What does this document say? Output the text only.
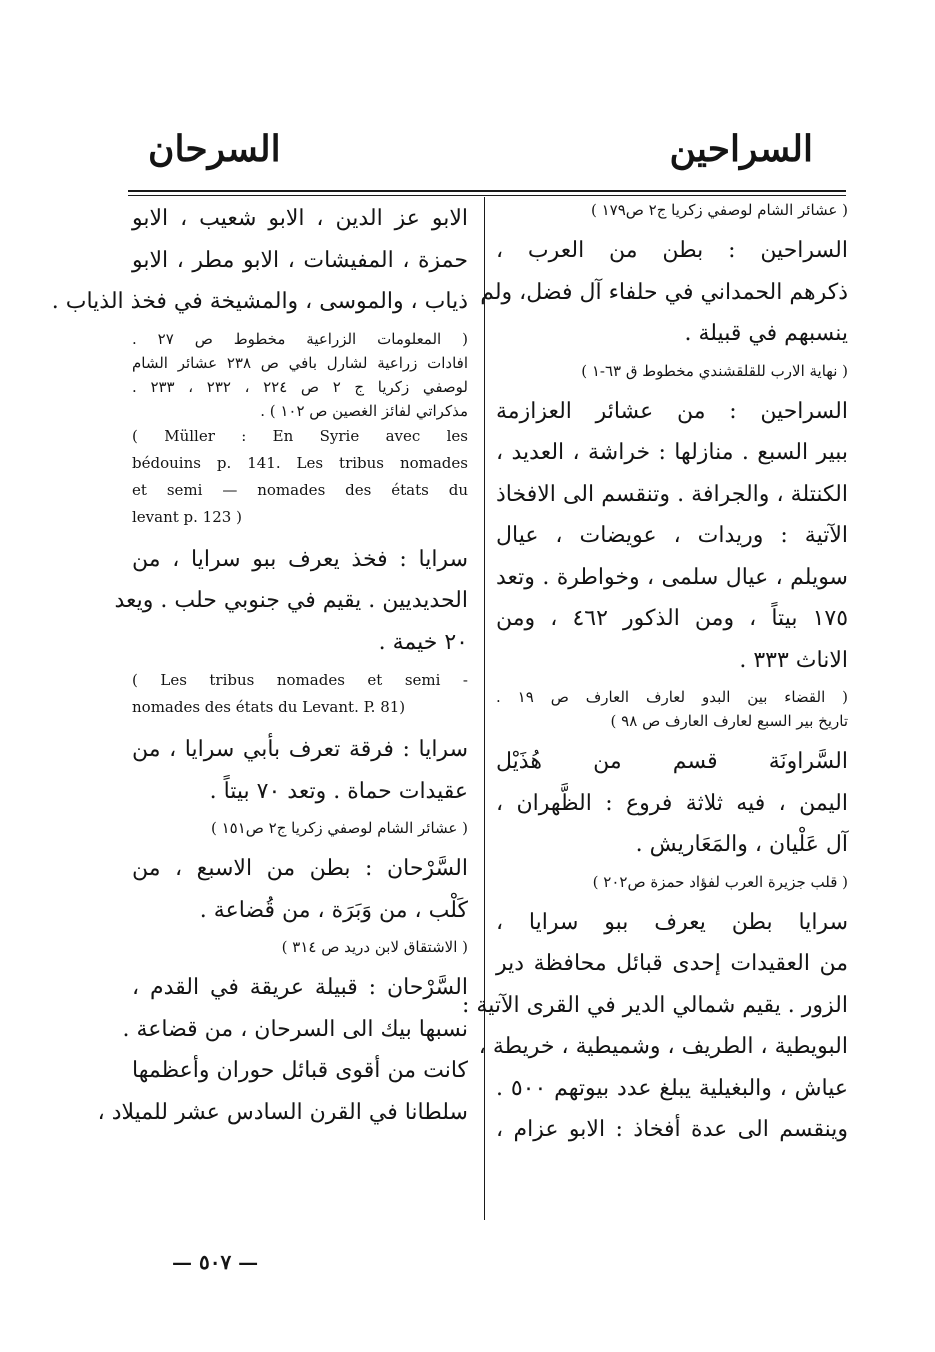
السراحين
السرحان
( عشائر الشام لوصفي زكريا ج٢ ص١٧٩ )
السراحين : بطن من العرب ،
ذكرهم الحمداني في حلفاء آل فضل، ولم
ينسبهم في قبيلة .
( نهاية الارب للقلقشندي مخطوط ق ٦٣-١ )
السراحين : من عشائر العزازمة
ببير السبع . منازلها : خراشة ، العديد ،
الكنتلة ، والجرافة . وتنقسم الى الافخاذ
الآتية : وريدات ، عويضات ، عيال
سويلم ، عيال سلمى ، وخواطرة . وتعد
١٧٥ بيتاً ، ومن الذكور ٤٦٢ ، ومن
الاناث ٣٣٣ .
( القضاء بين البدو لعارف العارف ص ١٩ .
تاريخ بير السبع لعارف العارف ص ٩٨ )
السَّراونَة قسم من هُذَيْل
اليمن ، فيه ثلاثة فروع : الظَّهران ،
آل عَلْيان ، والمَعَاريش .
( قلب جزيرة العرب لفؤاد حمزة ص٢٠٢ )
سرايا بطن يعرف ببو سرايا ،
من العقيدات إحدى قبائل محافظة دير
الزور . يقيم شمالي الدير في القرى الآتية :
البويطية ، الطريف ، وشميطية ، خريطة ،
عياش ، والبغيلية يبلغ عدد بيوتهم ٥٠٠ .
وينقسم الى عدة أفخاذ : الابو عزام ،
الابو عز الدين ، الابو شعيب ، الابو
حمزة ، المفيشات ، الابو مطر ، الابو
ذياب ، والموسى ، والمشيخة في فخذ الذياب .
( المعلومات الزراعية مخطوط ص ٢٧ .
افادات زراعية لشارل بافي ص ٢٣٨ عشائر الشام
لوصفي زكريا ج ٢ ص ٢٢٤ ، ٢٣٢ ، ٢٣٣ .
مذكراتي لفائز الغصين ص ١٠٢ ) .
( Müller : En Syrie avec les
bédouins p. 141. Les tribus nomades
et semi — nomades des états du
levant p. 123 )
سرايا : فخذ يعرف ببو سرايا ، من
الحديديين . يقيم في جنوبي حلب . ويعد
٢٠ خيمة .
( Les tribus nomades et semi -
nomades des états du Levant. P. 81)
سرايا : فرقة تعرف بأبي سرايا ، من
عقيدات حماة . وتعد ٧٠ بيتاً .
( عشائر الشام لوصفي زكريا ج٢ ص١٥١ )
السَّرْحان : بطن من الاسبع ، من
كَلْب ، من وَبَرَة ، من قُضاعة .
( الاشتقاق لابن دريد ص ٣١٤ )
السَّرْحان : قبيلة عريقة في القدم ،
نسبها بيك الى السرحان ، من قضاعة .
كانت من أقوى قبائل حوران وأعظمها
سلطانا في القرن السادس عشر للميلاد ،
— ٥٠٧ —
